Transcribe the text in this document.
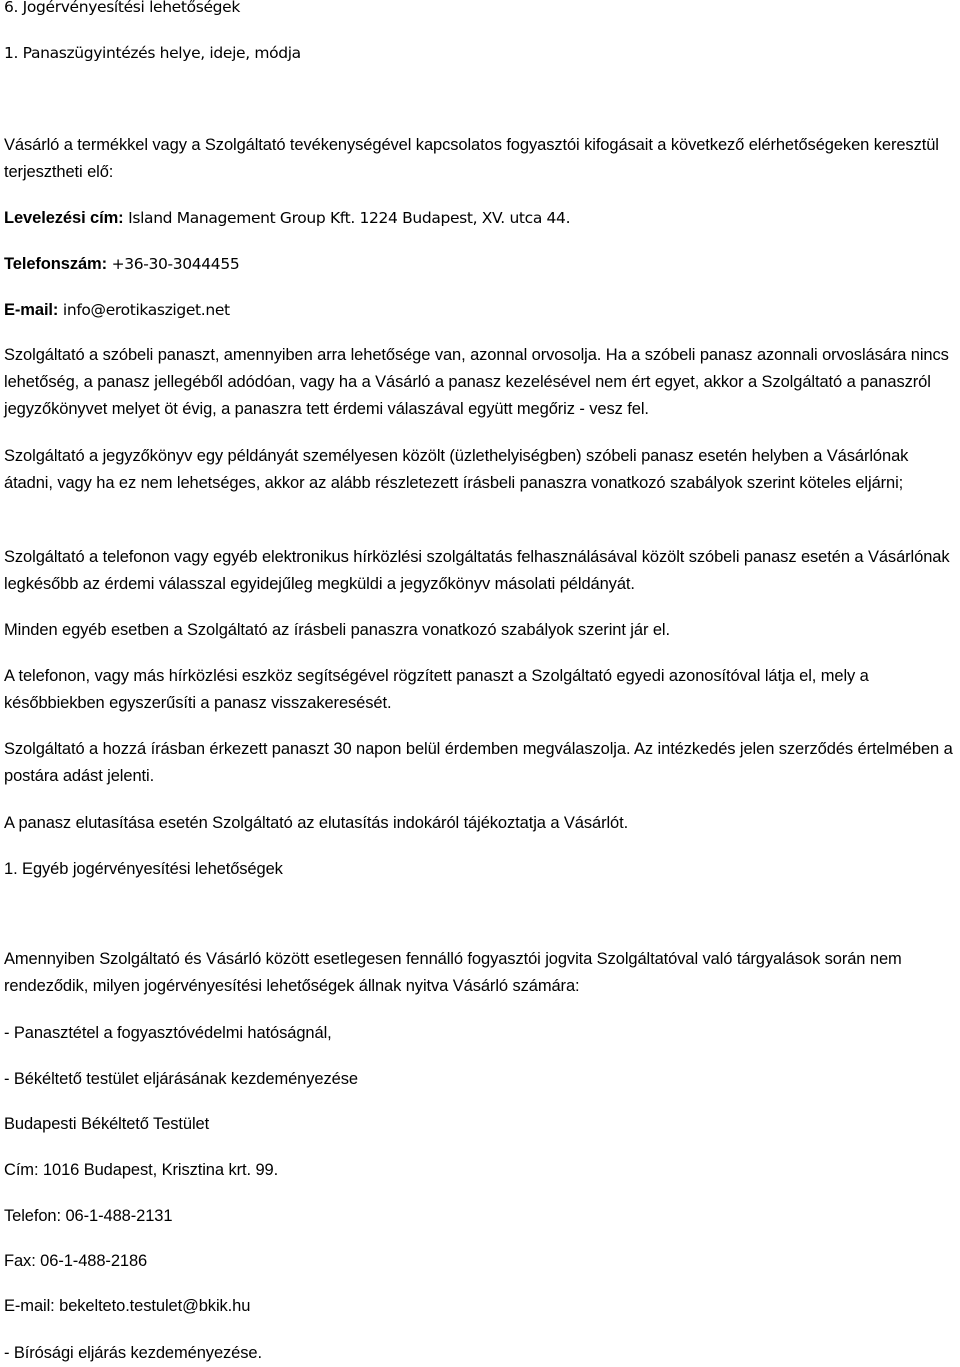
6. Jogérvényesítési lehetőségek

1. Panaszügyintézés helye, ideje, módja

Vásárló a termékkel vagy a Szolgáltató tevékenységével kapcsolatos fogyasztói kifogásait a következő elérhetőségeken keresztül terjesztheti elő:

Levelezési cím: Island Management Group Kft. 1224 Budapest, XV. utca 44.

Telefonszám: +36-30-3044455

E-mail: info@erotikasziget.net

Szolgáltató a szóbeli panaszt, amennyiben arra lehetősége van, azonnal orvosolja. Ha a szóbeli panasz azonnali orvoslására nincs lehetőség, a panasz jellegéből adódóan, vagy ha a Vásárló a panasz kezelésével nem ért egyet, akkor a Szolgáltató a panaszról jegyzőkönyvet melyet öt évig, a panaszra tett érdemi válaszával együtt megőriz - vesz fel.

Szolgáltató a jegyzőkönyv egy példányát személyesen közölt (üzlethelyiségben) szóbeli panasz esetén helyben a Vásárlónak átadni, vagy ha ez nem lehetséges, akkor az alább részletezett írásbeli panaszra vonatkozó szabályok szerint köteles eljárni;

Szolgáltató a telefonon vagy egyéb elektronikus hírközlési szolgáltatás felhasználásával közölt szóbeli panasz esetén a Vásárlónak legkésőbb az érdemi válasszal egyidejűleg megküldi a jegyzőkönyv másolati példányát.

Minden egyéb esetben a Szolgáltató az írásbeli panaszra vonatkozó szabályok szerint jár el.

A telefonon, vagy más hírközlési eszköz segítségével rögzített panaszt a Szolgáltató egyedi azonosítóval látja el, mely a későbbiekben egyszerűsíti a panasz visszakeresését.

Szolgáltató a hozzá írásban érkezett panaszt 30 napon belül érdemben megválaszolja. Az intézkedés jelen szerződés értelmében a postára adást jelenti.

A panasz elutasítása esetén Szolgáltató az elutasítás indokáról tájékoztatja a Vásárlót.

1. Egyéb jogérvényesítési lehetőségek

Amennyiben Szolgáltató és Vásárló között esetlegesen fennálló fogyasztói jogvita Szolgáltatóval való tárgyalások során nem rendeződik, milyen jogérvényesítési lehetőségek állnak nyitva Vásárló számára:

- Panasztétel a fogyasztóvédelmi hatóságnál,

- Békéltető testület eljárásának kezdeményezése

Budapesti Békéltető Testület

Cím: 1016 Budapest, Krisztina krt. 99.

Telefon: 06-1-488-2131

Fax: 06-1-488-2186

E-mail: bekelteto.testulet@bkik.hu

- Bírósági eljárás kezdeményezése.
